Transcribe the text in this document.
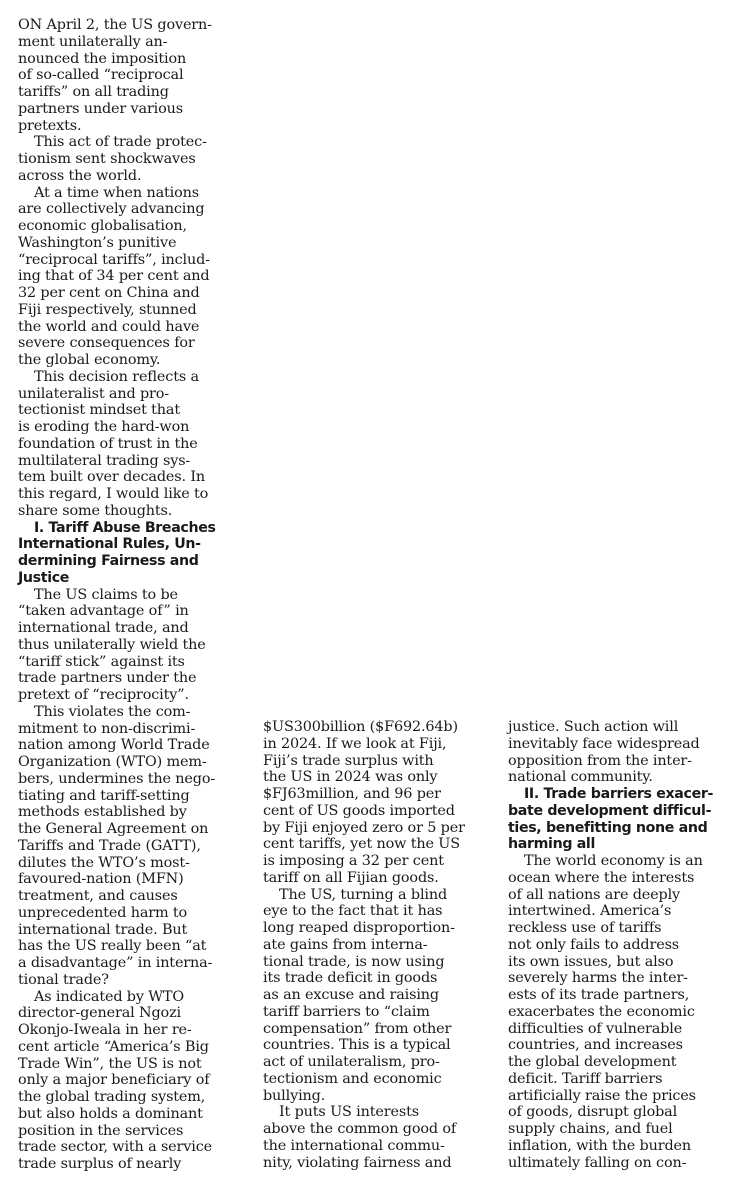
ON April 2, the US govern-
ment unilaterally an-
nounced the imposition
of so-called “reciprocal
tariffs” on all trading
partners under various
pretexts.
This act of trade protec-
tionism sent shockwaves
across the world.
At a time when nations
are collectively advancing
economic globalisation,
Washington’s punitive
“reciprocal tariffs”, includ-
ing that of 34 per cent and
32 per cent on China and
Fiji respectively, stunned
the world and could have
severe consequences for
the global economy.
This decision reflects a
unilateralist and pro-
tectionist mindset that
is eroding the hard-won
foundation of trust in the
multilateral trading sys-
tem built over decades. In
this regard, I would like to
share some thoughts.
I. Tariff Abuse Breaches
International Rules, Un-
dermining Fairness and
Justice
The US claims to be
“taken advantage of” in
international trade, and
thus unilaterally wield the
“tariff stick” against its
trade partners under the
pretext of “reciprocity”.
This violates the com-
mitment to non-discrimi-
nation among World Trade
Organization (WTO) mem-
bers, undermines the nego-
tiating and tariff-setting
methods established by
the General Agreement on
Tariffs and Trade (GATT),
dilutes the WTO’s most-
favoured-nation (MFN)
treatment, and causes
unprecedented harm to
international trade. But
has the US really been “at
a disadvantage” in interna-
tional trade?
As indicated by WTO
director-general Ngozi
Okonjo-Iweala in her re-
cent article “America’s Big
Trade Win”, the US is not
only a major beneficiary of
the global trading system,
but also holds a dominant
position in the services
trade sector, with a service
trade surplus of nearly
$US300billion ($F692.64b)
in 2024. If we look at Fiji,
Fiji’s trade surplus with
the US in 2024 was only
$FJ63million, and 96 per
cent of US goods imported
by Fiji enjoyed zero or 5 per
cent tariffs, yet now the US
is imposing a 32 per cent
tariff on all Fijian goods.
The US, turning a blind
eye to the fact that it has
long reaped disproportion-
ate gains from interna-
tional trade, is now using
its trade deficit in goods
as an excuse and raising
tariff barriers to “claim
compensation” from other
countries. This is a typical
act of unilateralism, pro-
tectionism and economic
bullying.
It puts US interests
above the common good of
the international commu-
nity, violating fairness and
justice. Such action will
inevitably face widespread
opposition from the inter-
national community.
II. Trade barriers exacer-
bate development difficul-
ties, benefitting none and
harming all
The world economy is an
ocean where the interests
of all nations are deeply
intertwined. America’s
reckless use of tariffs
not only fails to address
its own issues, but also
severely harms the inter-
ests of its trade partners,
exacerbates the economic
difficulties of vulnerable
countries, and increases
the global development
deficit. Tariff barriers
artificially raise the prices
of goods, disrupt global
supply chains, and fuel
inflation, with the burden
ultimately falling on con-
